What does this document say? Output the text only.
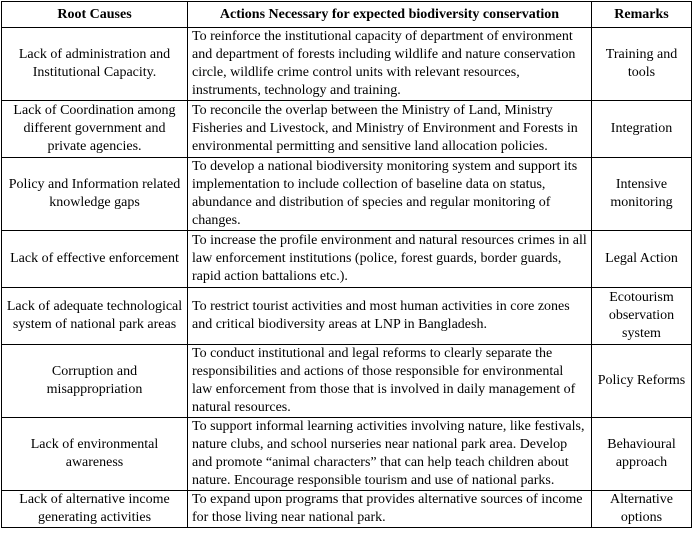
Root Causes	Actions Necessary for expected biodiversity conservation	Remarks
Lack of administration and Institutional Capacity.	To reinforce the institutional capacity of department of environment and department of forests including wildlife and nature conservation circle, wildlife crime control units with relevant resources, instruments, technology and training.	Training and tools
Lack of Coordination among different government and private agencies.	To reconcile the overlap between the Ministry of Land, Ministry Fisheries and Livestock, and Ministry of Environment and Forests in environmental permitting and sensitive land allocation policies.	Integration
Policy and Information related knowledge gaps	To develop a national biodiversity monitoring system and support its implementation to include collection of baseline data on status, abundance and distribution of species and regular monitoring of changes.	Intensive monitoring
Lack of effective enforcement	To increase the profile environment and natural resources crimes in all law enforcement institutions (police, forest guards, border guards, rapid action battalions etc.).	Legal Action
Lack of adequate technological system of national park areas	To restrict tourist activities and most human activities in core zones and critical biodiversity areas at LNP in Bangladesh.	Ecotourism observation system
Corruption and misappropriation	To conduct institutional and legal reforms to clearly separate the responsibilities and actions of those responsible for environmental law enforcement from those that is involved in daily management of natural resources.	Policy Reforms
Lack of environmental awareness	To support informal learning activities involving nature, like festivals, nature clubs, and school nurseries near national park area. Develop and promote “animal characters” that can help teach children about nature. Encourage responsible tourism and use of national parks.	Behavioural approach
Lack of alternative income generating activities	To expand upon programs that provides alternative sources of income for those living near national park.	Alternative options
